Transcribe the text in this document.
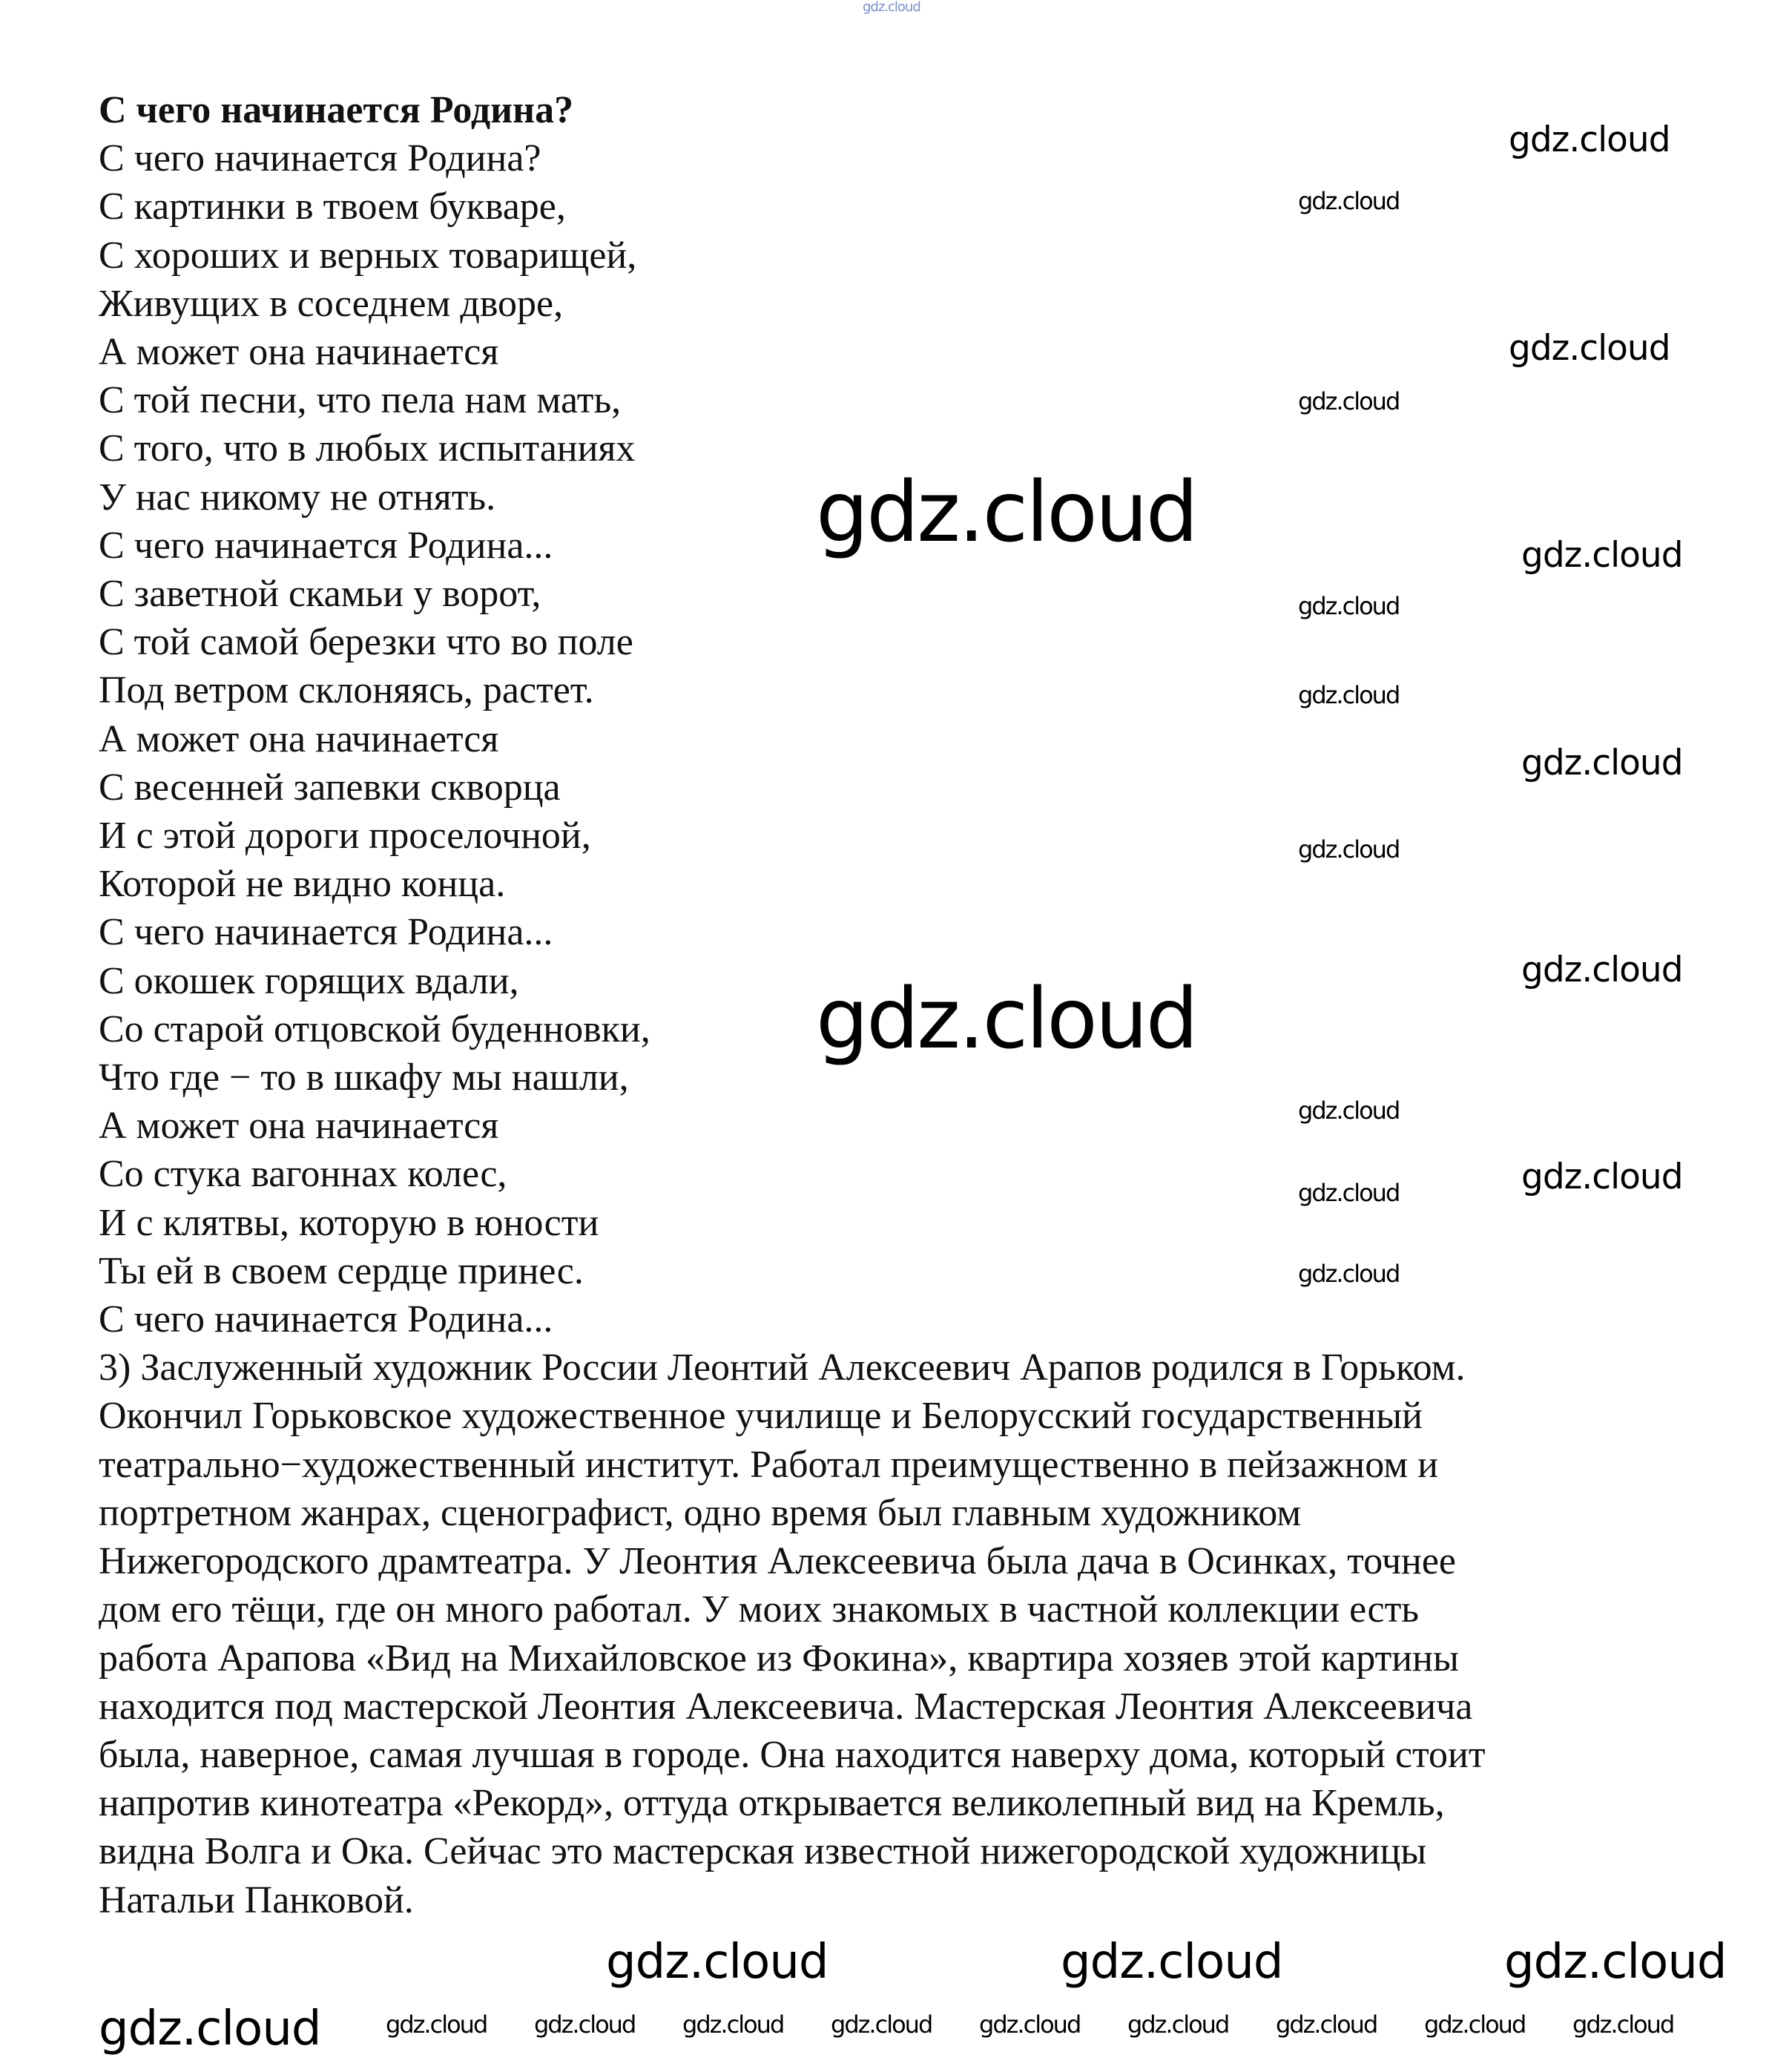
С чего начинается Родина?
С чего начинается Родина?
С картинки в твоем букваре,
С хороших и верных товарищей,
Живущих в соседнем дворе,
А может она начинается
С той песни, что пела нам мать,
С того, что в любых испытаниях
У нас никому не отнять.
С чего начинается Родина...
С заветной скамьи у ворот,
С той самой березки что во поле
Под ветром склоняясь, растет.
А может она начинается
С весенней запевки скворца
И с этой дороги проселочной,
Которой не видно конца.
С чего начинается Родина...
С окошек горящих вдали,
Со старой отцовской буденновки,
Что где − то в шкафу мы нашли,
А может она начинается
Со стука вагоннах колес,
И с клятвы, которую в юности
Ты ей в своем сердце принес.
С чего начинается Родина...
3) Заслуженный художник России Леонтий Алексеевич Арапов родился в Горьком.
Окончил Горьковское художественное училище и Белорусский государственный
театрально−художественный институт. Работал преимущественно в пейзажном и
портретном жанрах, сценографист, одно время был главным художником
Нижегородского драмтеатра. У Леонтия Алексеевича была дача в Осинках, точнее
дом его тёщи, где он много работал. У моих знакомых в частной коллекции есть
работа Арапова «Вид на Михайловское из Фокина», квартира хозяев этой картины
находится под мастерской Леонтия Алексеевича. Мастерская Леонтия Алексеевича
была, наверное, самая лучшая в городе. Она находится наверху дома, который стоит
напротив кинотеатра «Рекорд», оттуда открывается великолепный вид на Кремль,
видна Волга и Ока. Сейчас это мастерская известной нижегородской художницы
Натальи Панковой.
gdz.cloud
gdz.cloud
gdz.cloud
gdz.cloud
gdz.cloud
gdz.cloud
gdz.cloud
gdz.cloud
gdz.cloud
gdz.cloud
gdz.cloud
gdz.cloud
gdz.cloud
gdz.cloud
gdz.cloud
gdz.cloud
gdz.cloud
gdz.cloud	gdz.cloud	gdz.cloud
gdz.cloud	gdz.cloud gdz.cloud gdz.cloud gdz.cloud gdz.cloud gdz.cloud gdz.cloud gdz.cloud gdz.cloud
